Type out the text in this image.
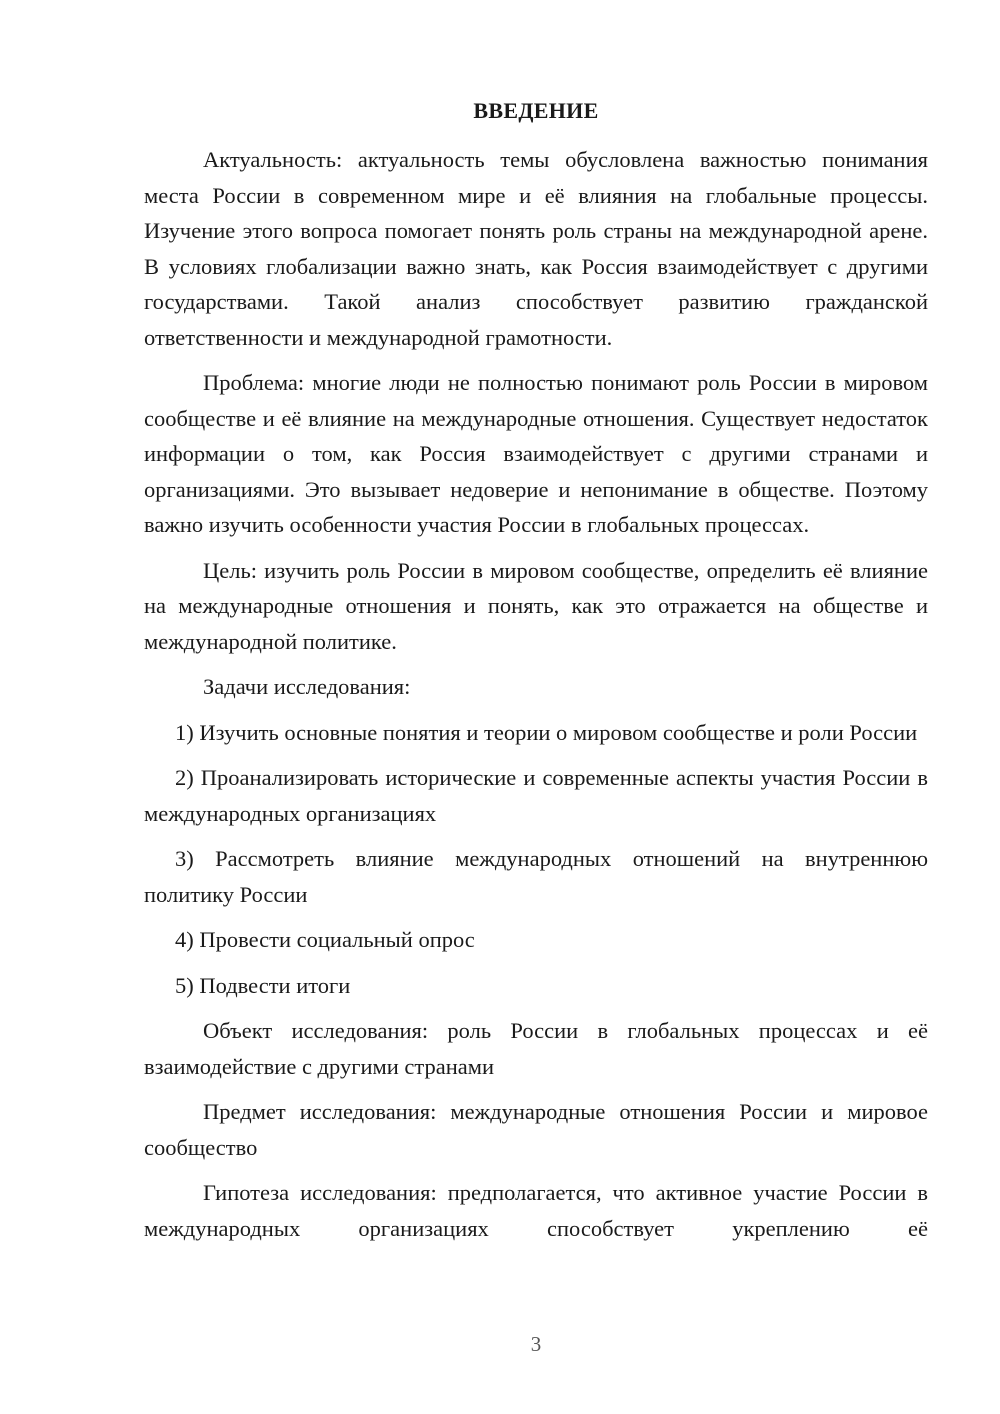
ВВЕДЕНИЕ

Актуальность: актуальность темы обусловлена важностью понимания места России в современном мире и её влияния на глобальные процессы. Изучение этого вопроса помогает понять роль страны на международной арене. В условиях глобализации важно знать, как Россия взаимодействует с другими государствами. Такой анализ способствует развитию гражданской ответственности и международной грамотности.

Проблема: многие люди не полностью понимают роль России в мировом сообществе и её влияние на международные отношения. Существует недостаток информации о том, как Россия взаимодействует с другими странами и организациями. Это вызывает недоверие и непонимание в обществе. Поэтому важно изучить особенности участия России в глобальных процессах.

Цель: изучить роль России в мировом сообществе, определить её влияние на международные отношения и понять, как это отражается на обществе и международной политике.

Задачи исследования:

1) Изучить основные понятия и теории о мировом сообществе и роли России

2) Проанализировать исторические и современные аспекты участия России в международных организациях

3) Рассмотреть влияние международных отношений на внутреннюю политику России

4) Провести социальный опрос

5) Подвести итоги

Объект исследования: роль России в глобальных процессах и её взаимодействие с другими странами

Предмет исследования: международные отношения России и мировое сообщество

Гипотеза исследования: предполагается, что активное участие России в международных организациях способствует укреплению её

3
